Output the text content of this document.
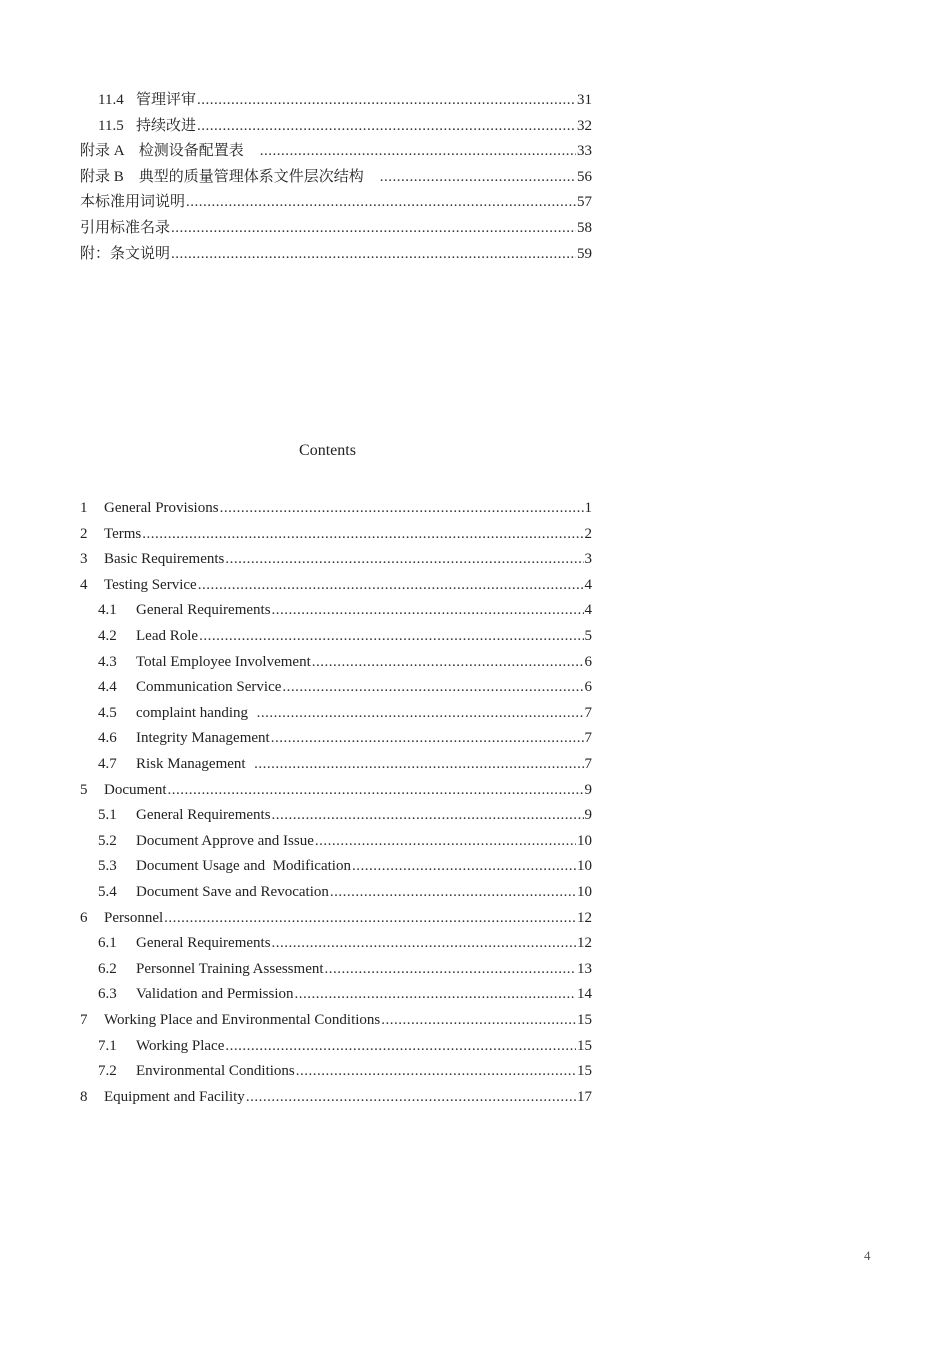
11.4 管理评审 .....	31
11.5 持续改进 .....	32
附录 A　检测设备配置表　 .....	33
附录 B　典型的质量管理体系文件层次结构　 .....	56
本标准用词说明 .....	57
引用标准名录 .....	58
附：条文说明 .....	59
Contents
1	General Provisions .....	1
2	Terms .....	2
3	Basic Requirements .....	3
4	Testing Service .....	4
4.1	General Requirements .....	4
4.2	Lead Role .....	5
4.3	Total Employee Involvement .....	6
4.4	Communication Service .....	6
4.5	complaint handing .....	7
4.6	Integrity Management .....	7
4.7	Risk Management .....	7
5	Document .....	9
5.1	General Requirements .....	9
5.2	Document Approve and Issue .....	10
5.3	Document Usage and  Modification .....	10
5.4	Document Save and Revocation .....	10
6	Personnel .....	12
6.1	General Requirements .....	12
6.2	Personnel Training Assessment .....	13
6.3	Validation and Permission .....	14
7	Working Place and Environmental Conditions .....	15
7.1	Working Place .....	15
7.2	Environmental Conditions .....	15
8	Equipment and Facility .....	17
4
